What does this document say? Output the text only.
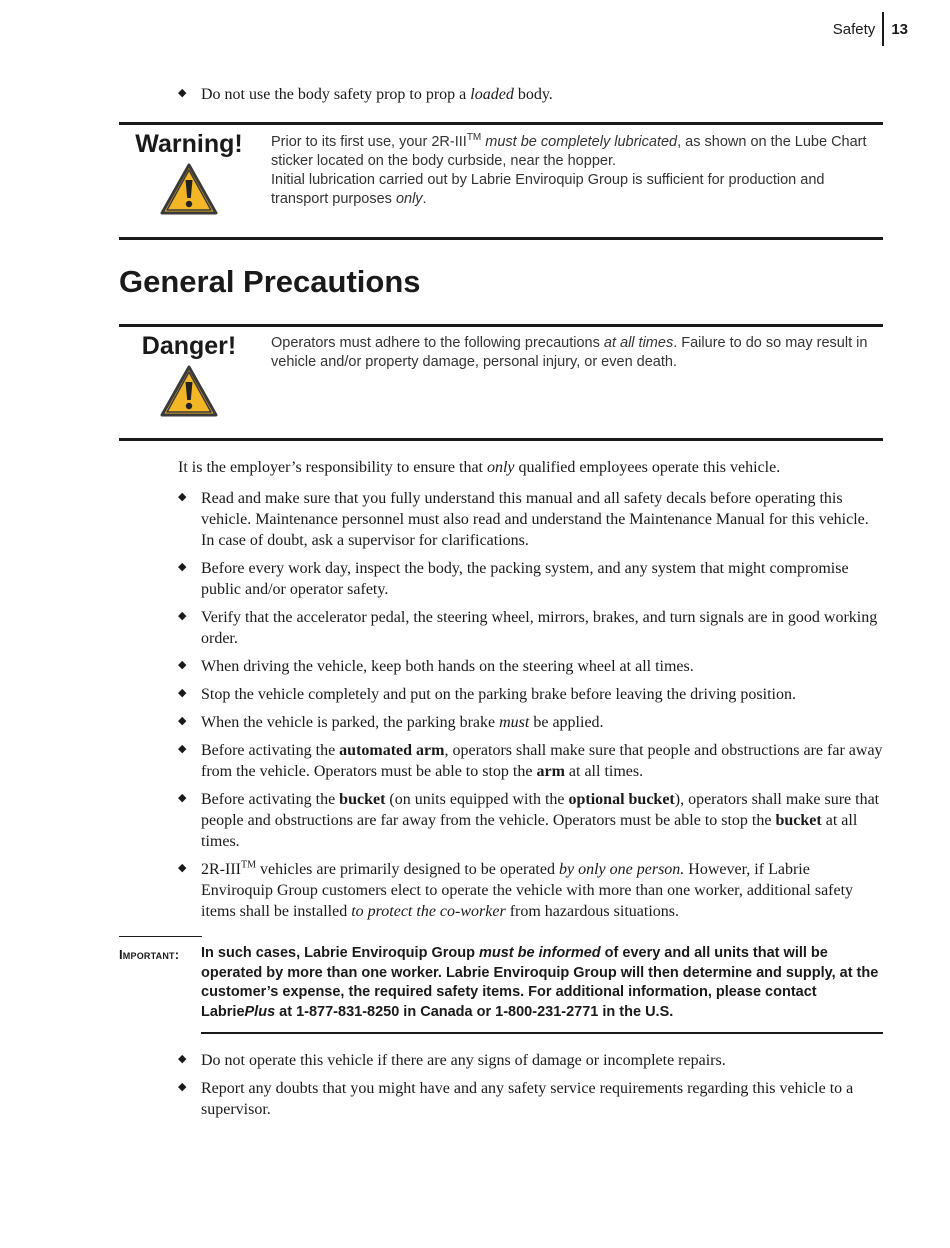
Safety	13
◆ Do not use the body safety prop to prop a loaded body.
Warning!	Prior to its first use, your 2R-III™ must be completely lubricated, as shown on the Lube Chart sticker located on the body curbside, near the hopper.
Initial lubrication carried out by Labrie Enviroquip Group is sufficient for production and transport purposes only.
General Precautions
Danger!	Operators must adhere to the following precautions at all times. Failure to do so may result in vehicle and/or property damage, personal injury, or even death.
It is the employer’s responsibility to ensure that only qualified employees operate this vehicle.
◆ Read and make sure that you fully understand this manual and all safety decals before operating this vehicle. Maintenance personnel must also read and understand the Maintenance Manual for this vehicle. In case of doubt, ask a supervisor for clarifications.
◆ Before every work day, inspect the body, the packing system, and any system that might compromise public and/or operator safety.
◆ Verify that the accelerator pedal, the steering wheel, mirrors, brakes, and turn signals are in good working order.
◆ When driving the vehicle, keep both hands on the steering wheel at all times.
◆ Stop the vehicle completely and put on the parking brake before leaving the driving position.
◆ When the vehicle is parked, the parking brake must be applied.
◆ Before activating the automated arm, operators shall make sure that people and obstructions are far away from the vehicle. Operators must be able to stop the arm at all times.
◆ Before activating the bucket (on units equipped with the optional bucket), operators shall make sure that people and obstructions are far away from the vehicle. Operators must be able to stop the bucket at all times.
◆ 2R-III™ vehicles are primarily designed to be operated by only one person. However, if Labrie Enviroquip Group customers elect to operate the vehicle with more than one worker, additional safety items shall be installed to protect the co-worker from hazardous situations.
Important: In such cases, Labrie Enviroquip Group must be informed of every and all units that will be operated by more than one worker. Labrie Enviroquip Group will then determine and supply, at the customer’s expense, the required safety items. For additional information, please contact LabriePlus at 1-877-831-8250 in Canada or 1-800-231-2771 in the U.S.
◆ Do not operate this vehicle if there are any signs of damage or incomplete repairs.
◆ Report any doubts that you might have and any safety service requirements regarding this vehicle to a supervisor.
